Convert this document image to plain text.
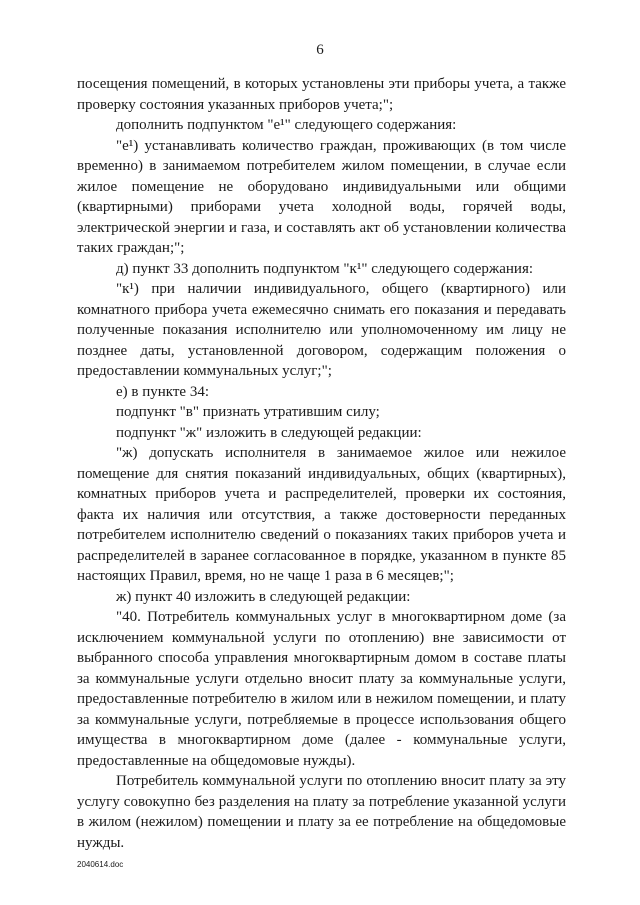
6

посещения помещений, в которых установлены эти приборы учета, а также проверку состояния указанных приборов учета;";

дополнить подпунктом "е¹" следующего содержания:

"е¹) устанавливать количество граждан, проживающих (в том числе временно) в занимаемом потребителем жилом помещении, в случае если жилое помещение не оборудовано индивидуальными или общими (квартирными) приборами учета холодной воды, горячей воды, электрической энергии и газа, и составлять акт об установлении количества таких граждан;";

д) пункт 33 дополнить подпунктом "к¹" следующего содержания:

"к¹) при наличии индивидуального, общего (квартирного) или комнатного прибора учета ежемесячно снимать его показания и передавать полученные показания исполнителю или уполномоченному им лицу не позднее даты, установленной договором, содержащим положения о предоставлении коммунальных услуг;";

е) в пункте 34:

подпункт "в" признать утратившим силу;

подпункт "ж" изложить в следующей редакции:

"ж) допускать исполнителя в занимаемое жилое или нежилое помещение для снятия показаний индивидуальных, общих (квартирных), комнатных приборов учета и распределителей, проверки их состояния, факта их наличия или отсутствия, а также достоверности переданных потребителем исполнителю сведений о показаниях таких приборов учета и распределителей в заранее согласованное в порядке, указанном в пункте 85 настоящих Правил, время, но не чаще 1 раза в 6 месяцев;";

ж) пункт 40 изложить в следующей редакции:

"40. Потребитель коммунальных услуг в многоквартирном доме (за исключением коммунальной услуги по отоплению) вне зависимости от выбранного способа управления многоквартирным домом в составе платы за коммунальные услуги отдельно вносит плату за коммунальные услуги, предоставленные потребителю в жилом или в нежилом помещении, и плату за коммунальные услуги, потребляемые в процессе использования общего имущества в многоквартирном доме (далее - коммунальные услуги, предоставленные на общедомовые нужды).

Потребитель коммунальной услуги по отоплению вносит плату за эту услугу совокупно без разделения на плату за потребление указанной услуги в жилом (нежилом) помещении и плату за ее потребление на общедомовые нужды.

2040614.doc
